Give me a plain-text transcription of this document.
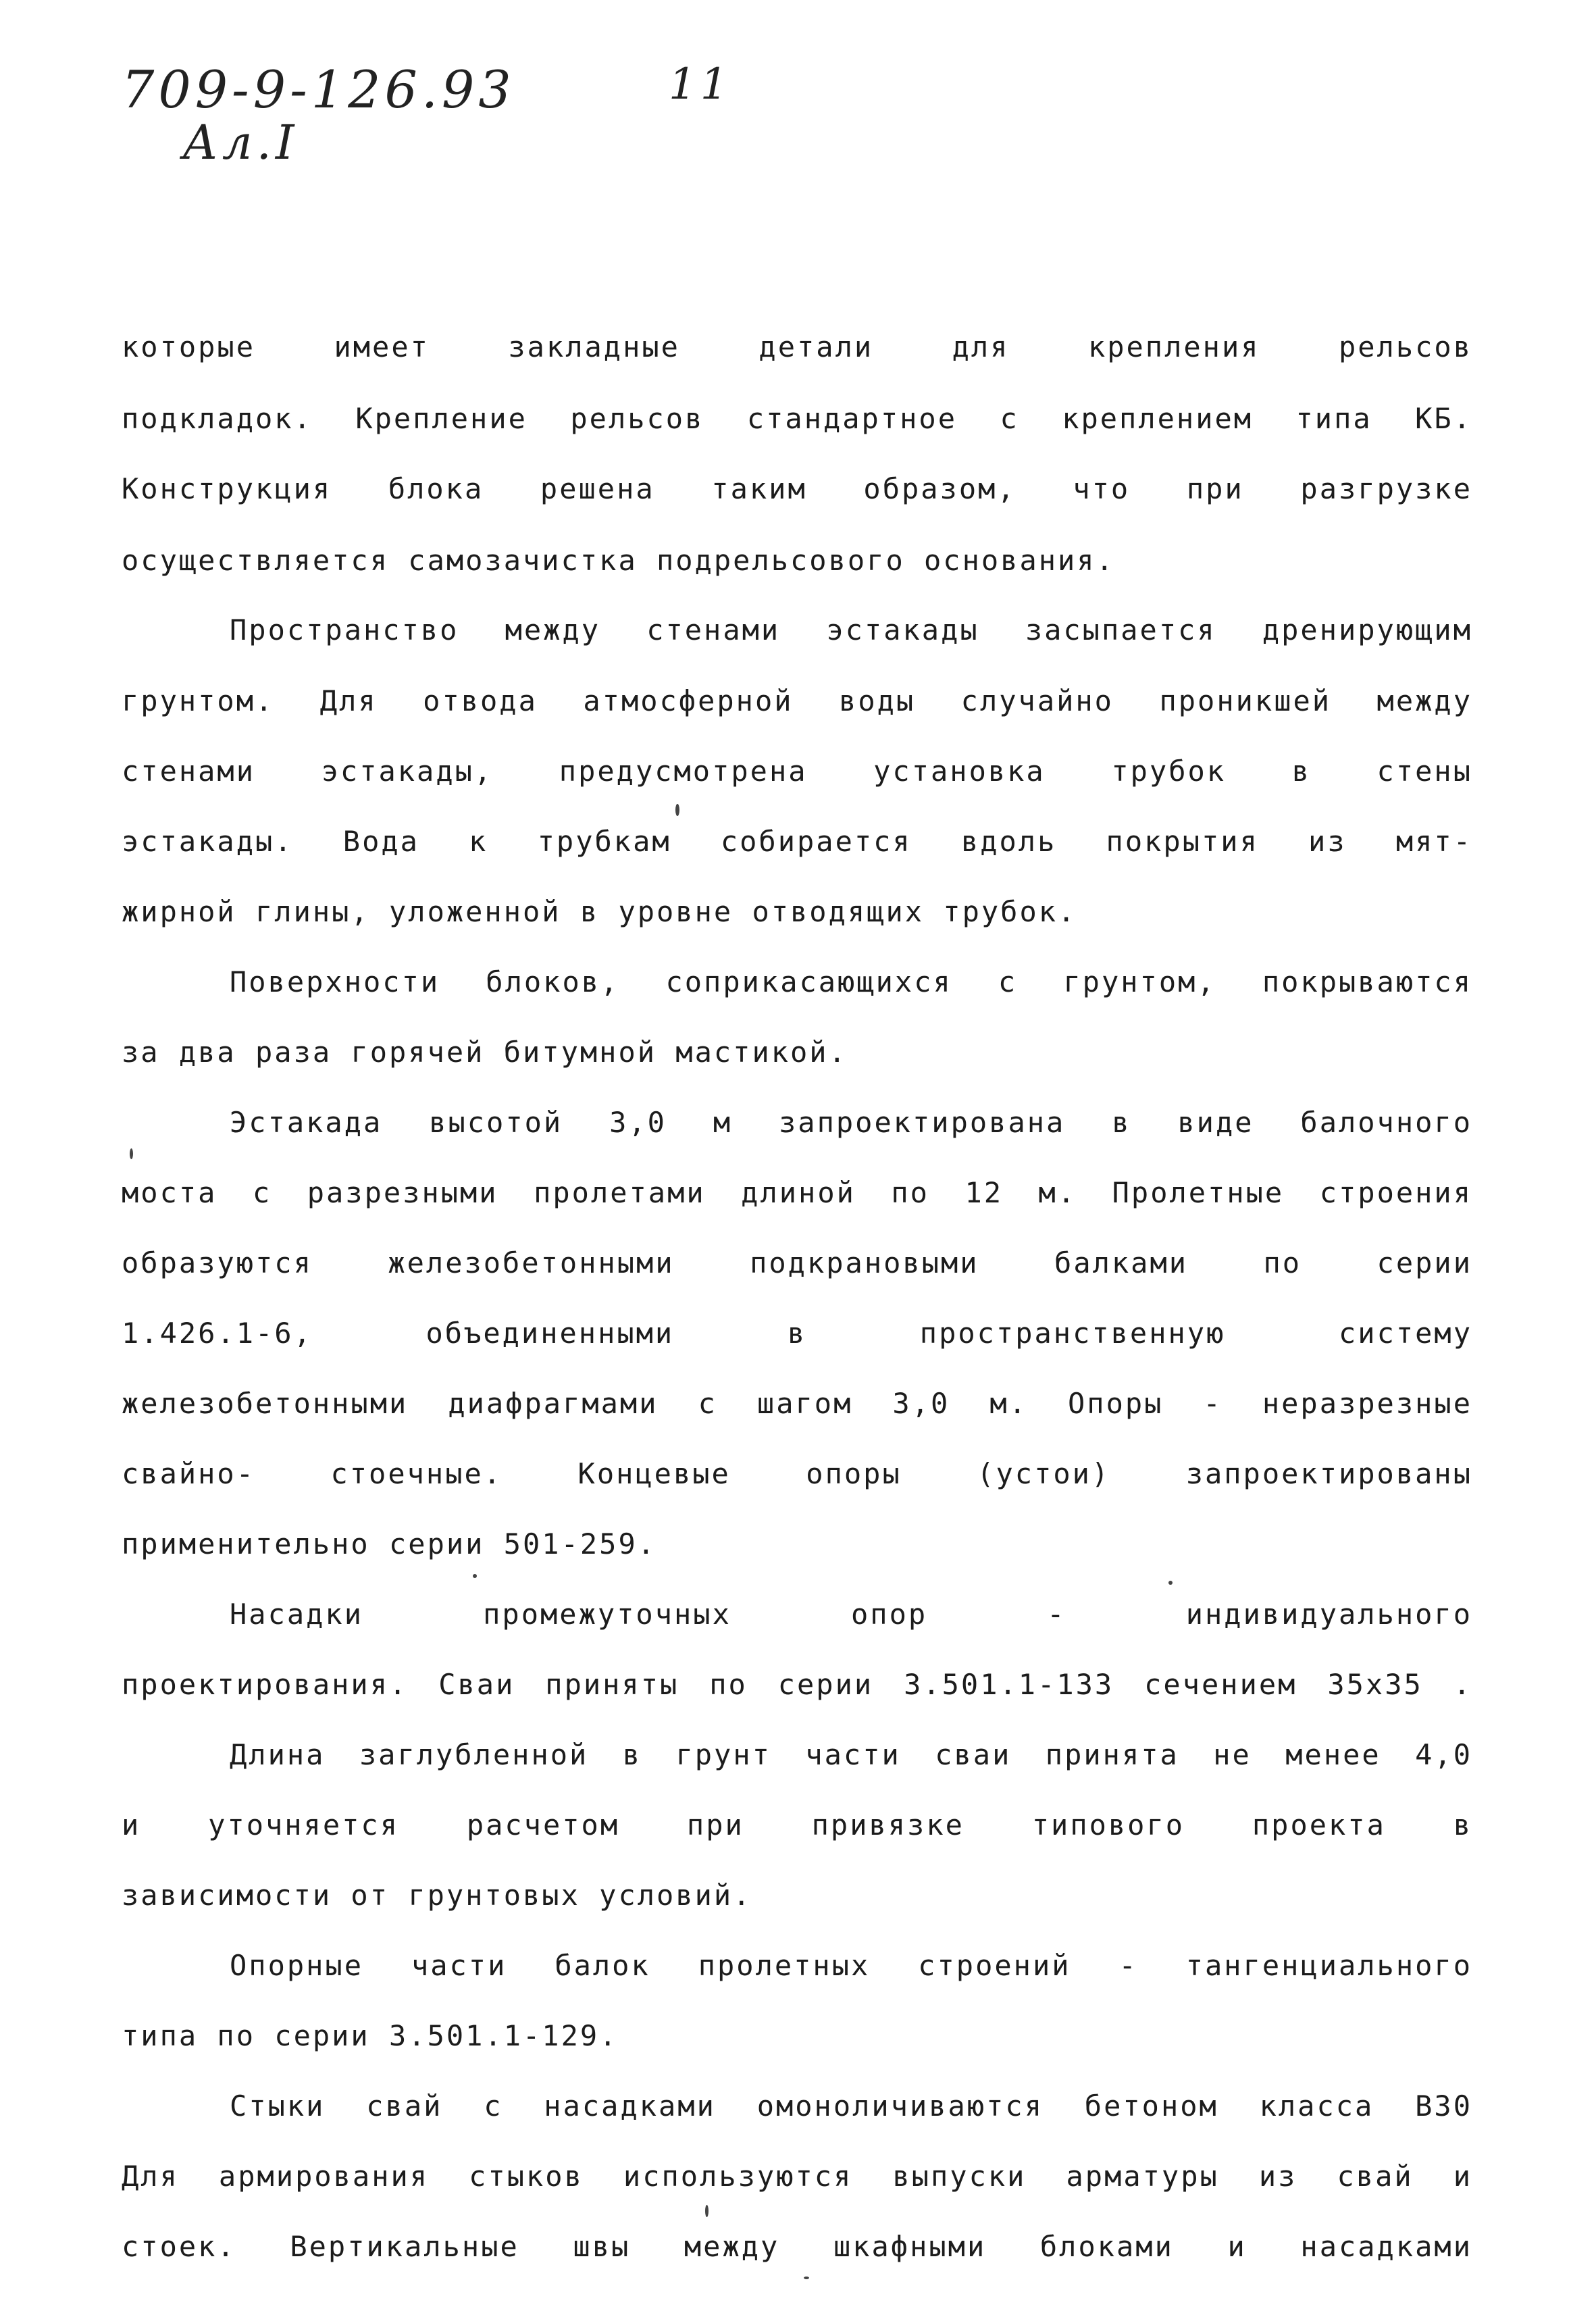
709-9-126.93	11
Ал.I
которые имеет закладные детали для крепления рельсов
подкладок. Крепление рельсов стандартное с креплением типа КБ.
Конструкция блока решена таким образом, что при разгрузке
осуществляется самозачистка подрельсового основания.
Пространство между стенами эстакады засыпается дренирующим
грунтом. Для отвода атмосферной воды случайно проникшей между
стенами эстакады, предусмотрена установка трубок в стены
эстакады. Вода к трубкам собирается вдоль покрытия из мят-
жирной глины, уложенной в уровне отводящих трубок.
Поверхности блоков, соприкасающихся с грунтом, покрываются
за два раза горячей битумной мастикой.
Эстакада высотой 3,0 м запроектирована в виде балочного
моста с разрезными пролетами длиной по 12 м. Пролетные строения
образуются железобетонными подкрановыми балками по серии
1.426.1-6, объединенными в пространственную систему
железобетонными диафрагмами с шагом 3,0 м. Опоры - неразрезные
свайно- стоечные. Концевые опоры (устои) запроектированы
применительно серии 501-259.
Насадки промежуточных опор - индивидуального
проектирования. Сваи приняты по серии 3.501.1-133 сечением 35х35 .
Длина заглубленной в грунт части сваи принята не менее 4,0
и уточняется расчетом при привязке типового проекта в
зависимости от грунтовых условий.
Опорные части балок пролетных строений - тангенциального
типа по серии 3.501.1-129.
Стыки свай с насадками омоноличиваются бетоном класса В30
Для армирования стыков используются выпуски арматуры из свай и
стоек. Вертикальные швы между шкафными блоками и насадками
